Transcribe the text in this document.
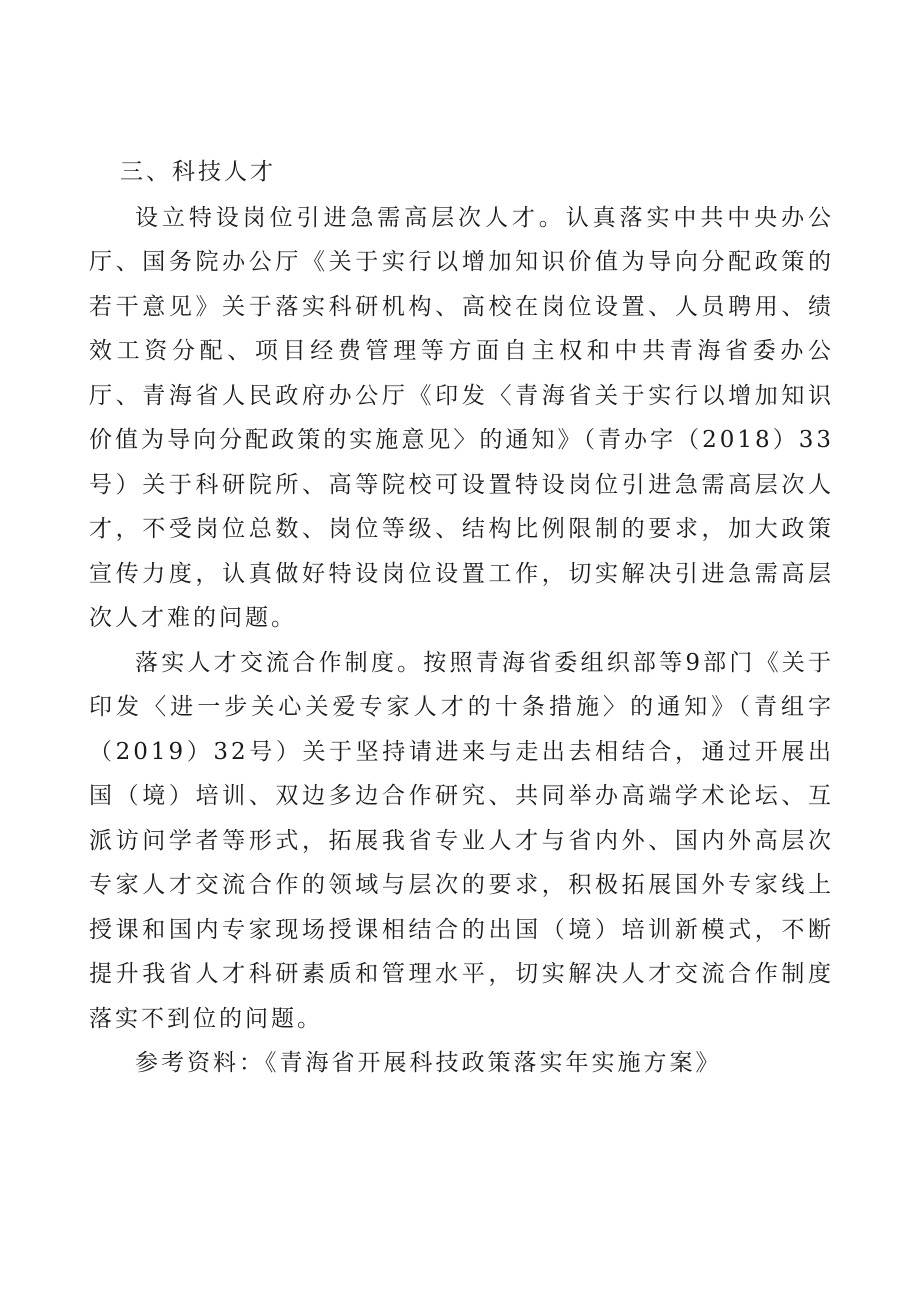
三、科技人才

设立特设岗位引进急需高层次人才。认真落实中共中央办公厅、国务院办公厅《关于实行以增加知识价值为导向分配政策的若干意见》关于落实科研机构、高校在岗位设置、人员聘用、绩效工资分配、项目经费管理等方面自主权和中共青海省委办公厅、青海省人民政府办公厅《印发〈青海省关于实行以增加知识价值为导向分配政策的实施意见〉的通知》（青办字（2018）33号）关于科研院所、高等院校可设置特设岗位引进急需高层次人才，不受岗位总数、岗位等级、结构比例限制的要求，加大政策宣传力度，认真做好特设岗位设置工作，切实解决引进急需高层次人才难的问题。

落实人才交流合作制度。按照青海省委组织部等9部门《关于印发〈进一步关心关爱专家人才的十条措施〉的通知》（青组字（2019）32号）关于坚持请进来与走出去相结合，通过开展出国（境）培训、双边多边合作研究、共同举办高端学术论坛、互派访问学者等形式，拓展我省专业人才与省内外、国内外高层次专家人才交流合作的领域与层次的要求，积极拓展国外专家线上授课和国内专家现场授课相结合的出国（境）培训新模式，不断提升我省人才科研素质和管理水平，切实解决人才交流合作制度落实不到位的问题。

参考资料：《青海省开展科技政策落实年实施方案》
